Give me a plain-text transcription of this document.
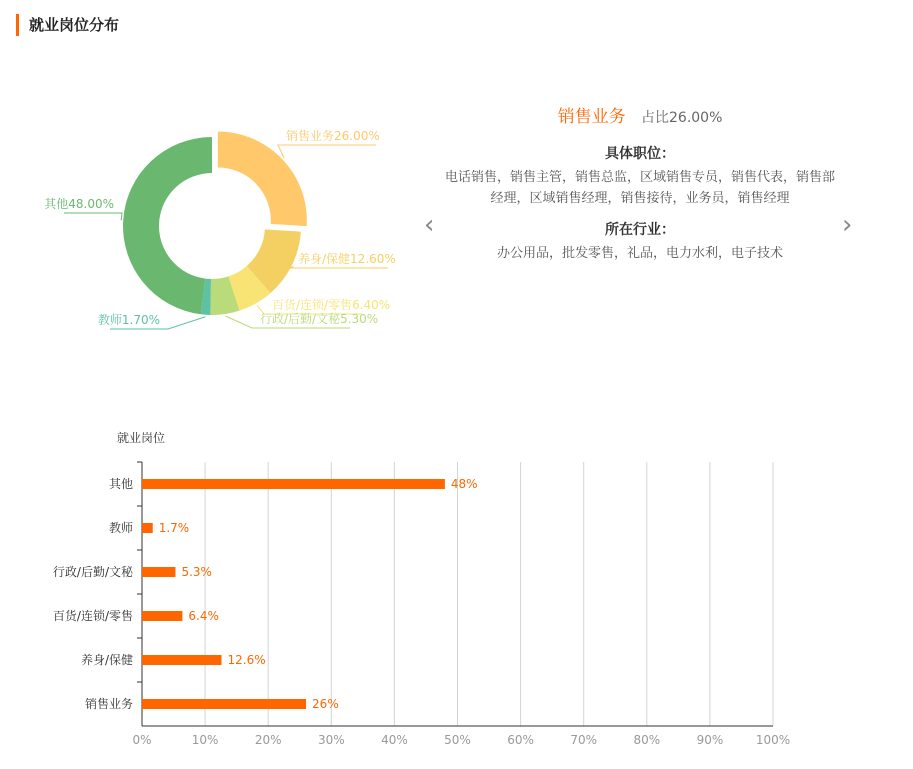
就业岗位分布
销售业务26.00%
养身/保健12.60%
百货/连锁/零售6.40%
行政/后勤/文秘5.30%
教师1.70%
其他48.00%
销售业务 占比26.00%
具体职位：

电话销售，销售主管，销售总监，区域销售专员，销售代表，销售部经理，区域销售经理，销售接待，业务员，销售经理

所在行业：

办公用品，批发零售，礼品，电力水利，电子技术

‹	›
就业岗位
0%	10%	20%	30%	40%	50%	60%	70%	80%	90%	100%
其他	48%
教师 1.7%
行政/后勤/文秘	5.3%
百货/连锁/零售	6.4%
养身/保健	12.6%
销售业务	26%
